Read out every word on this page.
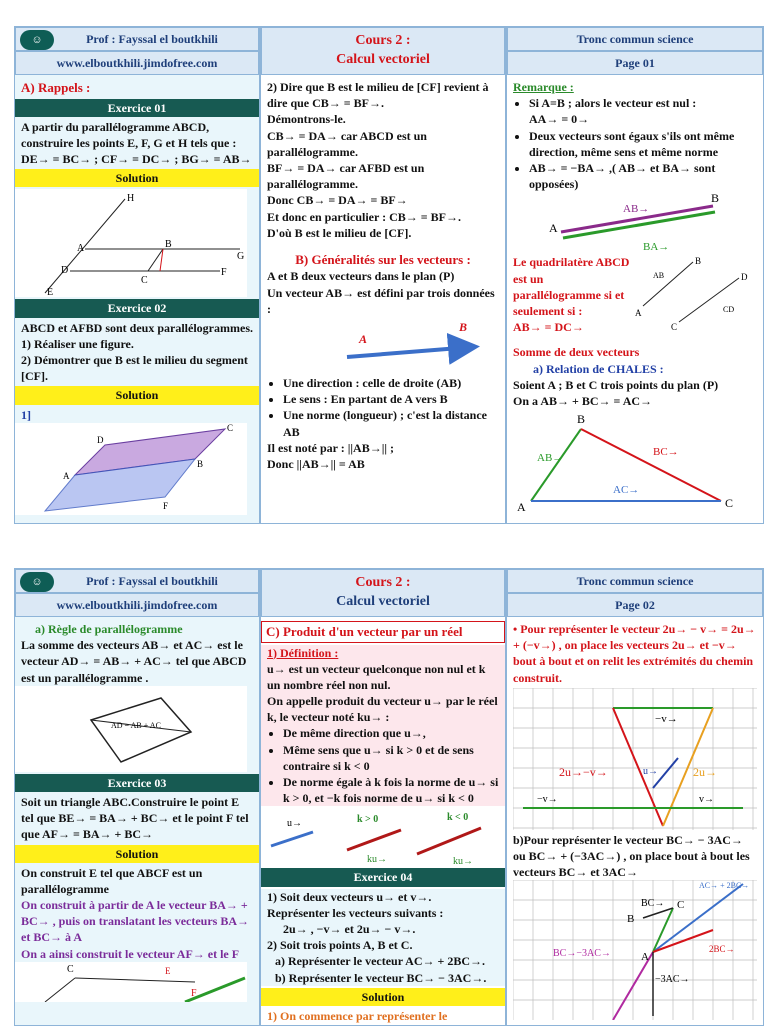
☺	Prof : Fayssal el boutkhili
www.elboutkhili.jimdofree.com
Cours 2 :
Calcul vectoriel
Tronc commun science
Page 01
A) Rappels :
Exercice 01

A partir du parallélogramme ABCD, construire les points E, F, G et H tels que : DE→ = BC→ ; CF→ = DC→ ; BG→ = AB→

Solution
H
A	B
G
D
C
F
E
Exercice 02

ABCD et AFBD sont deux parallélogrammes.

1) Réaliser une figure.

2) Démontrer que B est le milieu du segment [CF].

Solution
1]
D
C
A
B
F

2) Dire que B est le milieu de [CF] revient à dire que CB→ = BF→.

Démontrons-le.

CB→ = DA→ car ABCD est un parallélogramme.

BF→ = DA→ car AFBD est un parallélogramme.

Donc CB→ = DA→ = BF→

Et donc en particulier : CB→ = BF→.

D'où B est le milieu de [CF].

B) Généralités sur les vecteurs :

A et B deux vecteurs dans le plan (P)

Un vecteur AB→ est défini par trois données :

A
B
• Une direction : celle de droite (AB)
• Le sens : En partant de A vers B
• Une norme (longueur) ; c'est la distance AB

Il est noté par : ||AB→|| ;

Donc ||AB→|| = AB

Remarque :
• Si A=B ; alors le vecteur est nul :
AA→ = 0→
• Deux vecteurs sont égaux s'ils ont même direction, même sens et même norme
• AB→ = −BA→ ,( AB→ et BA→ sont opposées)
A
B
AB→
BA→
Le quadrilatère ABCD est un parallélogramme si et seulement si :
AB→ = DC→
AB
B
A
C
D
CD
Somme de deux vecteurs
a) Relation de CHALES :

Soient A ; B et C trois points du plan (P)

On a AB→ + BC→ = AC→

B
AB→	BC→
AC→
A	C
☺	Prof : Fayssal el boutkhili
www.elboutkhili.jimdofree.com
Cours 2 :
Calcul vectoriel
Tronc commun science
Page 02
a) Règle de parallélogramme

La somme des vecteurs AB→ et AC→ est le vecteur AD→ = AB→ + AC→ tel que ABCD est un parallélogramme .

AD = AB + AC
Exercice 03

Soit un triangle ABC.Construire le point E tel que BE→ = BA→ + BC→ et le point F tel que AF→ = BA→ + BC→

Solution

On construit E tel que ABCF est un parallélogramme

On construit à partir de A le vecteur BA→ + BC→ , puis on translatant les vecteurs BA→ et BC→ à A

On a ainsi construit le vecteur AF→ et le F

C	E
F
C) Produit d'un vecteur par un réel
1) Définition :

u→ est un vecteur quelconque non nul et k un nombre réel non nul.

On appelle produit du vecteur u→ par le réel k, le vecteur noté ku→ :

• De même direction que u→,
• Même sens que u→ si k > 0 et de sens contraire si k < 0
• De norme égale à k fois la norme de u→ si k > 0, et −k fois norme de u→ si k < 0
u→	k > 0
ku→
k < 0
ku→
Exercice 04

1) Soit deux vecteurs u→ et v→.

Représenter les vecteurs suivants :

2u→ , −v→ et 2u→ − v→.

2) Soit trois points A, B et C.

a) Représenter le vecteur AC→ + 2BC→.

b) Représenter le vecteur BC→ − 3AC→.

Solution

1) On commence par représenter le

• Pour représenter le vecteur 2u→ − v→ = 2u→ + (−v→) , on place les vecteurs 2u→ et −v→ bout à bout et on relit les extrémités du chemin construit.

−v→
2u→−v→	2u→
u→
−v→	v→

b)Pour représenter le vecteur BC→ − 3AC→ ou BC→ + (−3AC→) , on place bout à bout les vecteurs BC→ et 3AC→

AC→ + 2BC→
BC→ C
B
BC→−3AC→	A
2BC→
−3AC→
